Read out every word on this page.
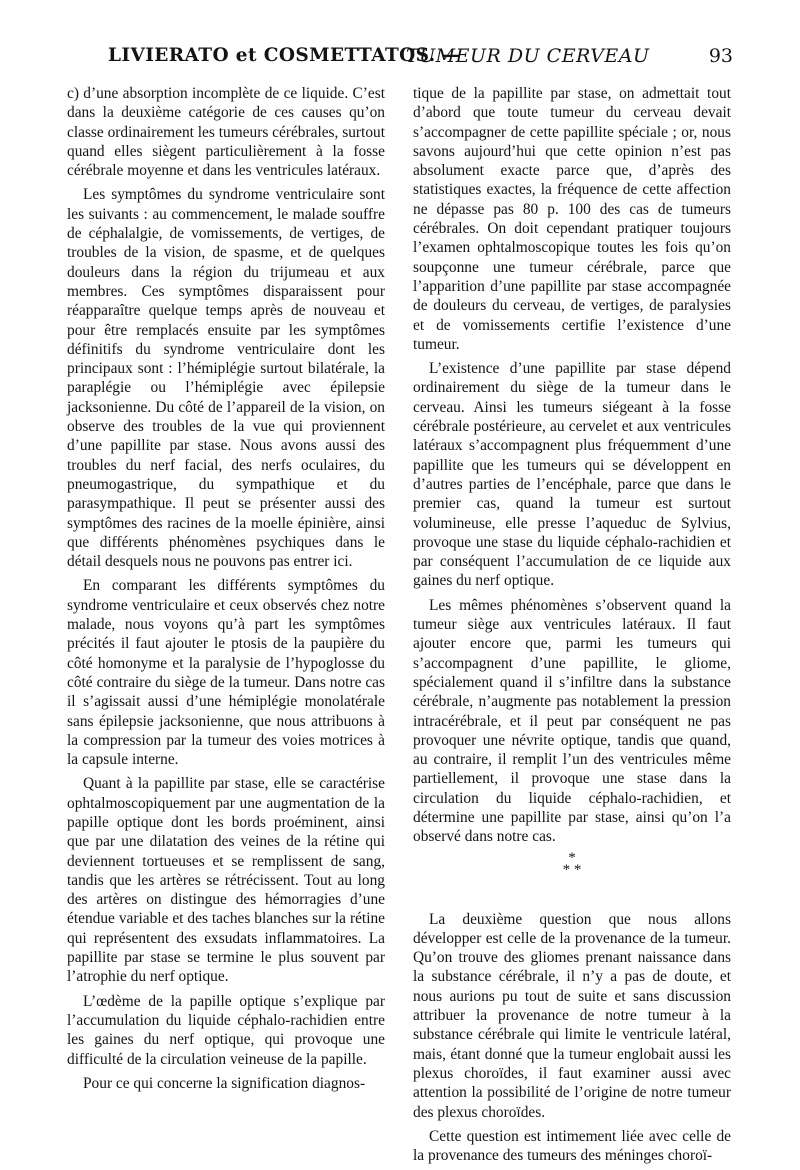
LIVIERATO et COSMETTATOS. —
TUMEUR DU CERVEAU	93

c) d’une absorption incomplète de ce liquide. C’est dans la deuxième catégorie de ces causes qu’on classe ordinairement les tumeurs cérébrales, surtout quand elles siègent particulièrement à la fosse cérébrale moyenne et dans les ventricules latéraux.

Les symptômes du syndrome ventriculaire sont les suivants : au commencement, le malade souffre de céphalalgie, de vomissements, de vertiges, de troubles de la vision, de spasme, et de quelques douleurs dans la région du trijumeau et aux membres. Ces symptômes disparaissent pour réapparaître quelque temps après de nouveau et pour être remplacés ensuite par les symptômes définitifs du syndrome ventriculaire dont les principaux sont : l’hémiplégie surtout bilatérale, la paraplégie ou l’hémiplégie avec épilepsie jacksonienne. Du côté de l’appareil de la vision, on observe des troubles de la vue qui proviennent d’une papillite par stase. Nous avons aussi des troubles du nerf facial, des nerfs oculaires, du pneumogastrique, du sympathique et du parasympathique. Il peut se présenter aussi des symptômes des racines de la moelle épinière, ainsi que différents phénomènes psychiques dans le détail desquels nous ne pouvons pas entrer ici.

En comparant les différents symptômes du syndrome ventriculaire et ceux observés chez notre malade, nous voyons qu’à part les symptômes précités il faut ajouter le ptosis de la paupière du côté homonyme et la paralysie de l’hypoglosse du côté contraire du siège de la tumeur. Dans notre cas il s’agissait aussi d’une hémiplégie monolatérale sans épilepsie jacksonienne, que nous attribuons à la compression par la tumeur des voies motrices à la capsule interne.

Quant à la papillite par stase, elle se caractérise ophtalmoscopiquement par une augmentation de la papille optique dont les bords proéminent, ainsi que par une dilatation des veines de la rétine qui deviennent tortueuses et se remplissent de sang, tandis que les artères se rétrécissent. Tout au long des artères on distingue des hémorragies d’une étendue variable et des taches blanches sur la rétine qui représentent des exsudats inflammatoires. La papillite par stase se termine le plus souvent par l’atrophie du nerf optique.

L’œdème de la papille optique s’explique par l’accumulation du liquide céphalo-rachidien entre les gaines du nerf optique, qui provoque une difficulté de la circulation veineuse de la papille.

Pour ce qui concerne la signification diagnos-

tique de la papillite par stase, on admettait tout d’abord que toute tumeur du cerveau devait s’accompagner de cette papillite spéciale ; or, nous savons aujourd’hui que cette opinion n’est pas absolument exacte parce que, d’après des statistiques exactes, la fréquence de cette affection ne dépasse pas 80 p. 100 des cas de tumeurs cérébrales. On doit cependant pratiquer toujours l’examen ophtalmoscopique toutes les fois qu’on soupçonne une tumeur cérébrale, parce que l’apparition d’une papillite par stase accompagnée de douleurs du cerveau, de vertiges, de paralysies et de vomissements certifie l’existence d’une tumeur.

L’existence d’une papillite par stase dépend ordinairement du siège de la tumeur dans le cerveau. Ainsi les tumeurs siégeant à la fosse cérébrale postérieure, au cervelet et aux ventricules latéraux s’accompagnent plus fréquemment d’une papillite que les tumeurs qui se développent en d’autres parties de l’encéphale, parce que dans le premier cas, quand la tumeur est surtout volumineuse, elle presse l’aqueduc de Sylvius, provoque une stase du liquide céphalo-rachidien et par conséquent l’accumulation de ce liquide aux gaines du nerf optique.

Les mêmes phénomènes s’observent quand la tumeur siège aux ventricules latéraux. Il faut ajouter encore que, parmi les tumeurs qui s’accompagnent d’une papillite, le gliome, spécialement quand il s’infiltre dans la substance cérébrale, n’augmente pas notablement la pression intracérébrale, et il peut par conséquent ne pas provoquer une névrite optique, tandis que quand, au contraire, il remplit l’un des ventricules même partiellement, il provoque une stase dans la circulation du liquide céphalo-rachidien, et détermine une papillite par stase, ainsi qu’on l’a observé dans notre cas.

*
* *

La deuxième question que nous allons développer est celle de la provenance de la tumeur. Qu’on trouve des gliomes prenant naissance dans la substance cérébrale, il n’y a pas de doute, et nous aurions pu tout de suite et sans discussion attribuer la provenance de notre tumeur à la substance cérébrale qui limite le ventricule latéral, mais, étant donné que la tumeur englobait aussi les plexus choroïdes, il faut examiner aussi avec attention la possibilité de l’origine de notre tumeur des plexus choroïdes.

Cette question est intimement liée avec celle de la provenance des tumeurs des méninges choroï-
